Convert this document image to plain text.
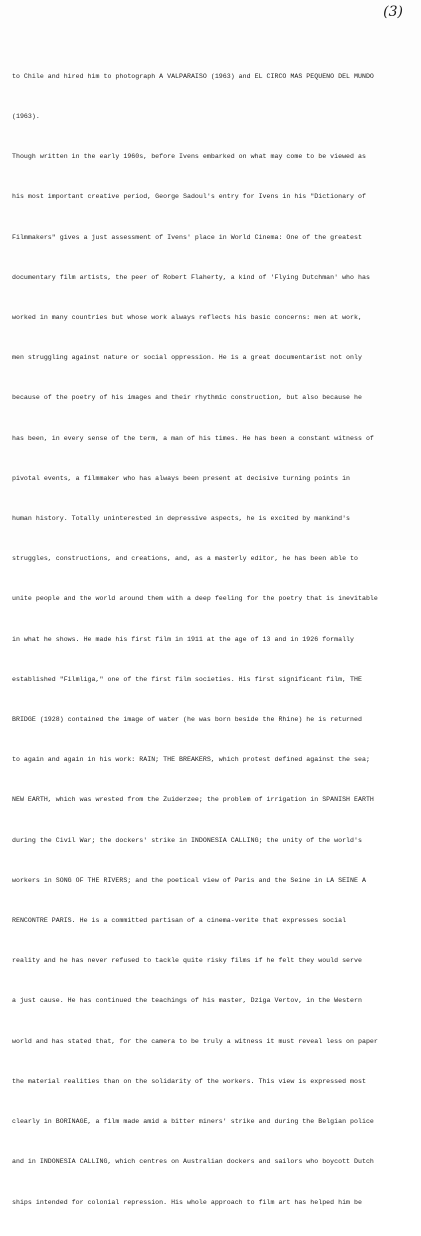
(3)

to Chile and hired him to photograph A VALPARAISO (1963) and EL CIRCO MAS PEQUENO DEL MUNDO

(1963).

Though written in the early 1960s, before Ivens embarked on what may come to be viewed as

his most important creative period, George Sadoul's entry for Ivens in his "Dictionary of

Filmmakers" gives a just assessment of Ivens' place in World Cinema: One of the greatest

documentary film artists, the peer of Robert Flaherty, a kind of 'Flying Dutchman' who has

worked in many countries but whose work always reflects his basic concerns: men at work,

men struggling against nature or social oppression. He is a great documentarist not only

because of the poetry of his images and their rhythmic construction, but also because he

has been, in every sense of the term, a man of his times. He has been a constant witness of

pivotal events, a filmmaker who has always been present at decisive turning points in

human history. Totally uninterested in depressive aspects, he is excited by mankind's

struggles, constructions, and creations, and, as a masterly editor, he has been able to

unite people and the world around them with a deep feeling for the poetry that is inevitable

in what he shows. He made his first film in 1911 at the age of 13 and in 1926 formally

established "Filmliga," one of the first film societies. His first significant film, THE

BRIDGE (1928) contained the image of water (he was born beside the Rhine) he is returned

to again and again in his work: RAIN; THE BREAKERS, which protest defined against the sea;

NEW EARTH, which was wrested from the Zuiderzee; the problem of irrigation in SPANISH EARTH

during the Civil War; the dockers' strike in INDONESIA CALLING; the unity of the world's

workers in SONG OF THE RIVERS; and the poetical view of Paris and the Seine in LA SEINE A

RENCONTRE PARIS. He is a committed partisan of a cinema-verite that expresses social

reality and he has never refused to tackle quite risky films if he felt they would serve

a just cause. He has continued the teachings of his master, Dziga Vertov, in the Western

world and has stated that, for the camera to be truly a witness it must reveal less on paper

the material realities than on the solidarity of the workers. This view is expressed most

clearly in BORINAGE, a film made amid a bitter miners' strike and during the Belgian police

and in INDONESIA CALLING, which centres on Australian dockers and sailors who boycott Dutch

ships intended for colonial repression. His whole approach to film art has helped him be
